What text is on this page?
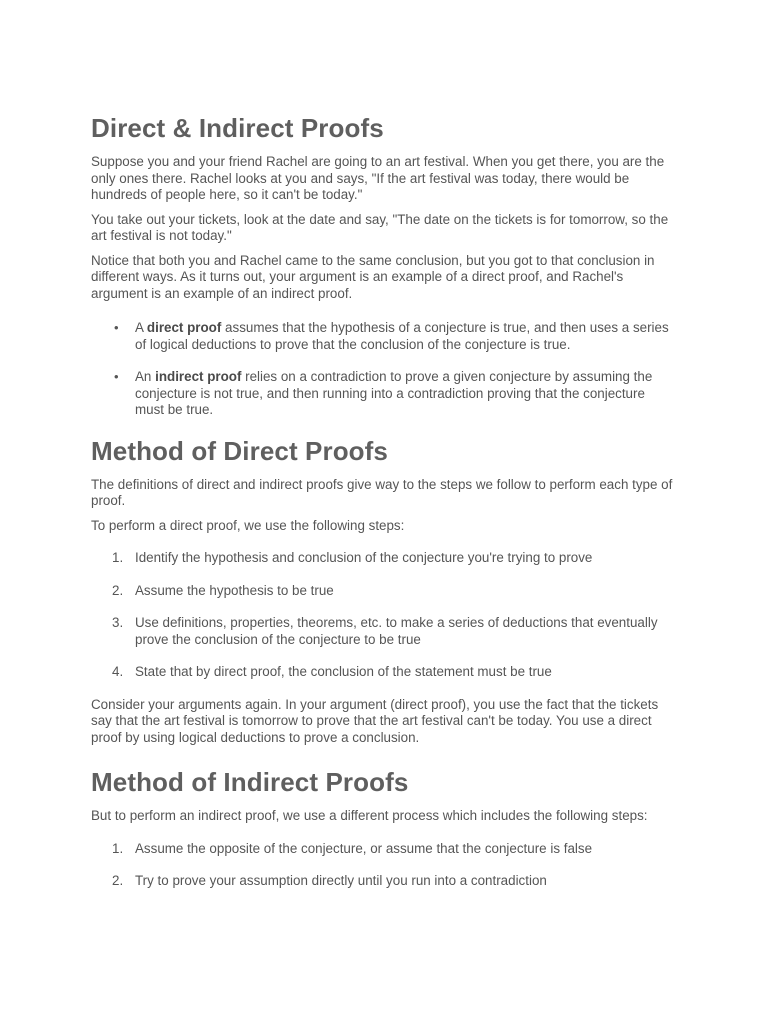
Direct & Indirect Proofs

Suppose you and your friend Rachel are going to an art festival. When you get there, you are the only ones there. Rachel looks at you and says, "If the art festival was today, there would be hundreds of people here, so it can't be today."

You take out your tickets, look at the date and say, "The date on the tickets is for tomorrow, so the art festival is not today."

Notice that both you and Rachel came to the same conclusion, but you got to that conclusion in different ways. As it turns out, your argument is an example of a direct proof, and Rachel's argument is an example of an indirect proof.

• A direct proof assumes that the hypothesis of a conjecture is true, and then uses a series of logical deductions to prove that the conclusion of the conjecture is true.
• An indirect proof relies on a contradiction to prove a given conjecture by assuming the conjecture is not true, and then running into a contradiction proving that the conjecture must be true.
Method of Direct Proofs

The definitions of direct and indirect proofs give way to the steps we follow to perform each type of proof.

To perform a direct proof, we use the following steps:

1. Identify the hypothesis and conclusion of the conjecture you're trying to prove
2. Assume the hypothesis to be true
3. Use definitions, properties, theorems, etc. to make a series of deductions that eventually prove the conclusion of the conjecture to be true
4. State that by direct proof, the conclusion of the statement must be true

Consider your arguments again. In your argument (direct proof), you use the fact that the tickets say that the art festival is tomorrow to prove that the art festival can't be today. You use a direct proof by using logical deductions to prove a conclusion.

Method of Indirect Proofs

But to perform an indirect proof, we use a different process which includes the following steps:

1. Assume the opposite of the conjecture, or assume that the conjecture is false
2. Try to prove your assumption directly until you run into a contradiction
